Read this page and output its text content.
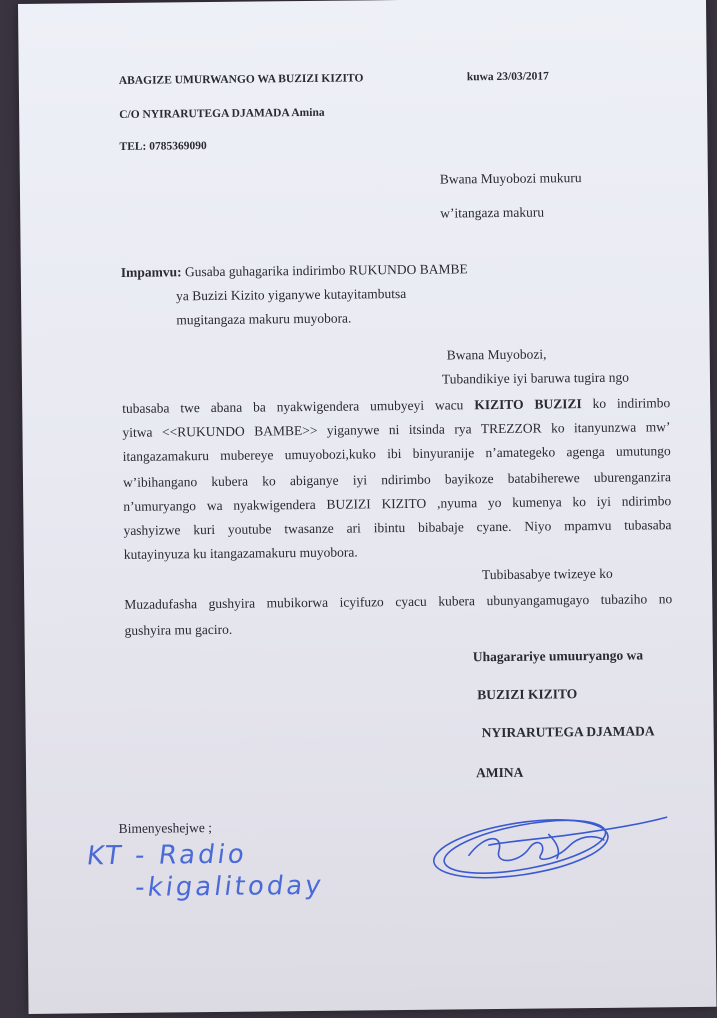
ABAGIZE UMURWANGO WA BUZIZI KIZITO	kuwa 23/03/2017
C/O NYIRARUTEGA DJAMADA Amina
TEL: 0785369090
Bwana Muyobozi mukuru
w’itangaza makuru
Impamvu: Gusaba guhagarika indirimbo RUKUNDO BAMBE
ya Buzizi Kizito yiganywe kutayitambutsa
mugitangaza makuru muyobora.
Bwana Muyobozi,
Tubandikiye iyi baruwa tugira ngo
tubasaba twe abana ba nyakwigendera umubyeyi wacu KIZITO BUZIZI ko indirimbo
yitwa <<RUKUNDO BAMBE>> yiganywe ni itsinda rya TREZZOR ko itanyunzwa mw’
itangazamakuru mubereye umuyobozi,kuko ibi binyuranije n’amategeko agenga umutungo
w’ibihangano kubera ko abiganye iyi ndirimbo bayikoze batabiherewe uburenganzira
n’umuryango wa nyakwigendera BUZIZI KIZITO ,nyuma yo kumenya ko iyi ndirimbo
yashyizwe kuri youtube twasanze ari ibintu bibabaje cyane. Niyo mpamvu tubasaba
kutayinyuza ku itangazamakuru muyobora.
Tubibasabye twizeye ko
Muzadufasha gushyira mubikorwa icyifuzo cyacu kubera ubunyangamugayo tubaziho no
gushyira mu gaciro.
Uhagarariye umuuryango wa
BUZIZI KIZITO
NYIRARUTEGA DJAMADA
AMINA
Bimenyeshejwe ;
KT - Radio
-kigalitoday
